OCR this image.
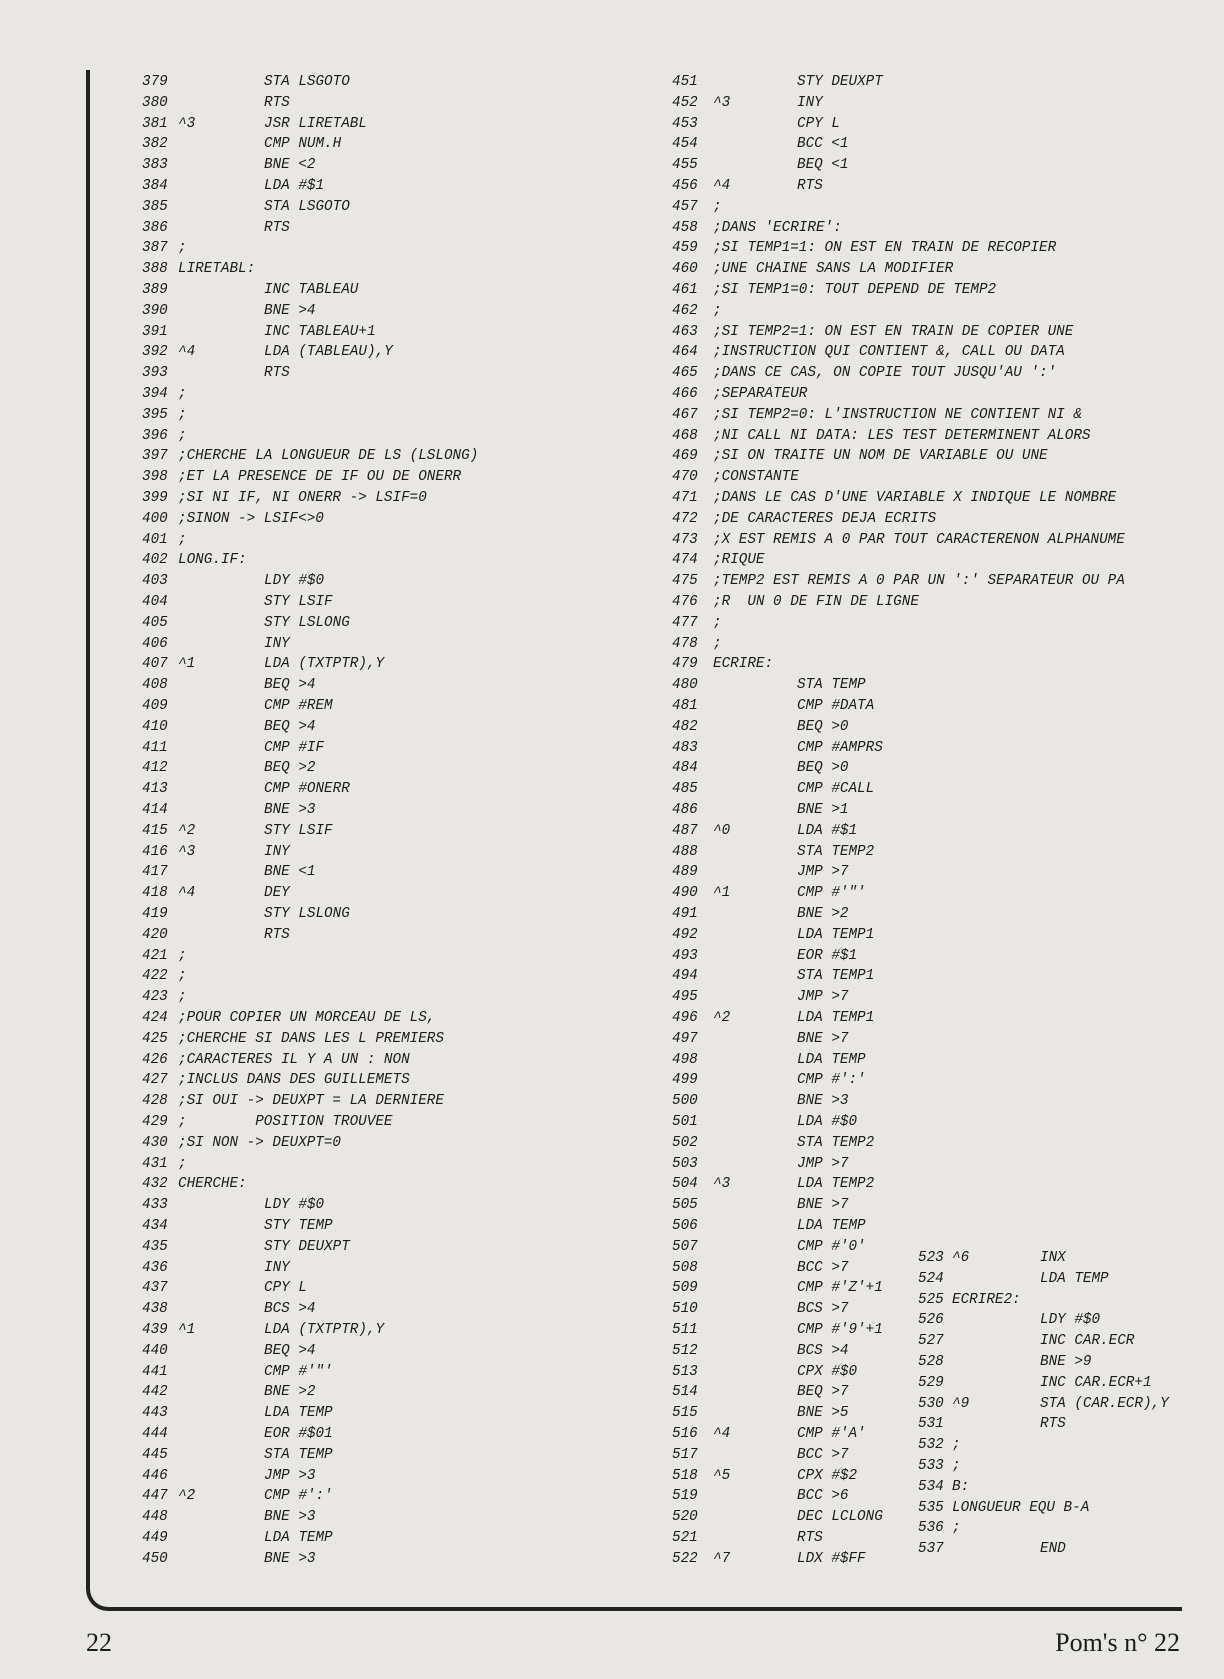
379	STA LSGOTO
380	RTS
381 ^3	JSR LIRETABL
382	CMP NUM.H
383	BNE <2
384	LDA #$1
385	STA LSGOTO
386	RTS
387 ;
388 LIRETABL:
389	INC TABLEAU
390	BNE >4
391	INC TABLEAU+1
392 ^4	LDA (TABLEAU),Y
393	RTS
394 ;
395 ;
396 ;
397 ;CHERCHE LA LONGUEUR DE LS (LSLONG)
398 ;ET LA PRESENCE DE IF OU DE ONERR
399 ;SI NI IF, NI ONERR -> LSIF=0
400 ;SINON -> LSIF<>0
401 ;
402 LONG.IF:
403	LDY #$0
404	STY LSIF
405	STY LSLONG
406	INY
407 ^1	LDA (TXTPTR),Y
408	BEQ >4
409	CMP #REM
410	BEQ >4
411	CMP #IF
412	BEQ >2
413	CMP #ONERR
414	BNE >3
415 ^2	STY LSIF
416 ^3	INY
417	BNE <1
418 ^4	DEY
419	STY LSLONG
420	RTS
421 ;
422 ;
423 ;
424 ;POUR COPIER UN MORCEAU DE LS,
425 ;CHERCHE SI DANS LES L PREMIERS
426 ;CARACTERES IL Y A UN : NON
427 ;INCLUS DANS DES GUILLEMETS
428 ;SI OUI -> DEUXPT = LA DERNIERE
429 ;        POSITION TROUVEE
430 ;SI NON -> DEUXPT=0
431 ;
432 CHERCHE:
433	LDY #$0
434	STY TEMP
435	STY DEUXPT
436	INY
437	CPY L
438	BCS >4
439 ^1	LDA (TXTPTR),Y
440	BEQ >4
441	CMP #'"'
442	BNE >2
443	LDA TEMP
444	EOR #$01
445	STA TEMP
446	JMP >3
447 ^2	CMP #':'
448	BNE >3
449	LDA TEMP
450	BNE >3
451	STY DEUXPT
452 ^3	INY
453	CPY L
454	BCC <1
455	BEQ <1
456 ^4	RTS
457 ;
458 ;DANS 'ECRIRE':
459 ;SI TEMP1=1: ON EST EN TRAIN DE RECOPIER
460 ;UNE CHAINE SANS LA MODIFIER
461 ;SI TEMP1=0: TOUT DEPEND DE TEMP2
462 ;
463 ;SI TEMP2=1: ON EST EN TRAIN DE COPIER UNE
464 ;INSTRUCTION QUI CONTIENT &, CALL OU DATA
465 ;DANS CE CAS, ON COPIE TOUT JUSQU'AU ':'
466 ;SEPARATEUR
467 ;SI TEMP2=0: L'INSTRUCTION NE CONTIENT NI &
468 ;NI CALL NI DATA: LES TEST DETERMINENT ALORS
469 ;SI ON TRAITE UN NOM DE VARIABLE OU UNE
470 ;CONSTANTE
471 ;DANS LE CAS D'UNE VARIABLE X INDIQUE LE NOMBRE
472 ;DE CARACTERES DEJA ECRITS
473 ;X EST REMIS A 0 PAR TOUT CARACTERENON ALPHANUME
474 ;RIQUE
475 ;TEMP2 EST REMIS A 0 PAR UN ':' SEPARATEUR OU PA
476 ;R  UN 0 DE FIN DE LIGNE
477 ;
478 ;
479 ECRIRE:
480	STA TEMP
481	CMP #DATA
482	BEQ >0
483	CMP #AMPRS
484	BEQ >0
485	CMP #CALL
486	BNE >1
487 ^0	LDA #$1
488	STA TEMP2
489	JMP >7
490 ^1	CMP #'"'
491	BNE >2
492	LDA TEMP1
493	EOR #$1
494	STA TEMP1
495	JMP >7
496 ^2	LDA TEMP1
497	BNE >7
498	LDA TEMP
499	CMP #':'
500	BNE >3
501	LDA #$0
502	STA TEMP2
503	JMP >7
504 ^3	LDA TEMP2
505	BNE >7
506	LDA TEMP
507	CMP #'0'
508	BCC >7
509	CMP #'Z'+1
510	BCS >7
511	CMP #'9'+1
512	BCS >4
513	CPX #$0
514	BEQ >7
515	BNE >5
516 ^4	CMP #'A'
517	BCC >7
518 ^5	CPX #$2
519	BCC >6
520	DEC LCLONG
521	RTS
522 ^7	LDX #$FF
523 ^6	INX
524	LDA TEMP
525 ECRIRE2:
526	LDY #$0
527	INC CAR.ECR
528	BNE >9
529	INC CAR.ECR+1
530 ^9	STA (CAR.ECR),Y
531	RTS
532 ;
533 ;
534 B:
535 LONGUEUR EQU B-A
536 ;
537	END
22	Pom's n° 22
